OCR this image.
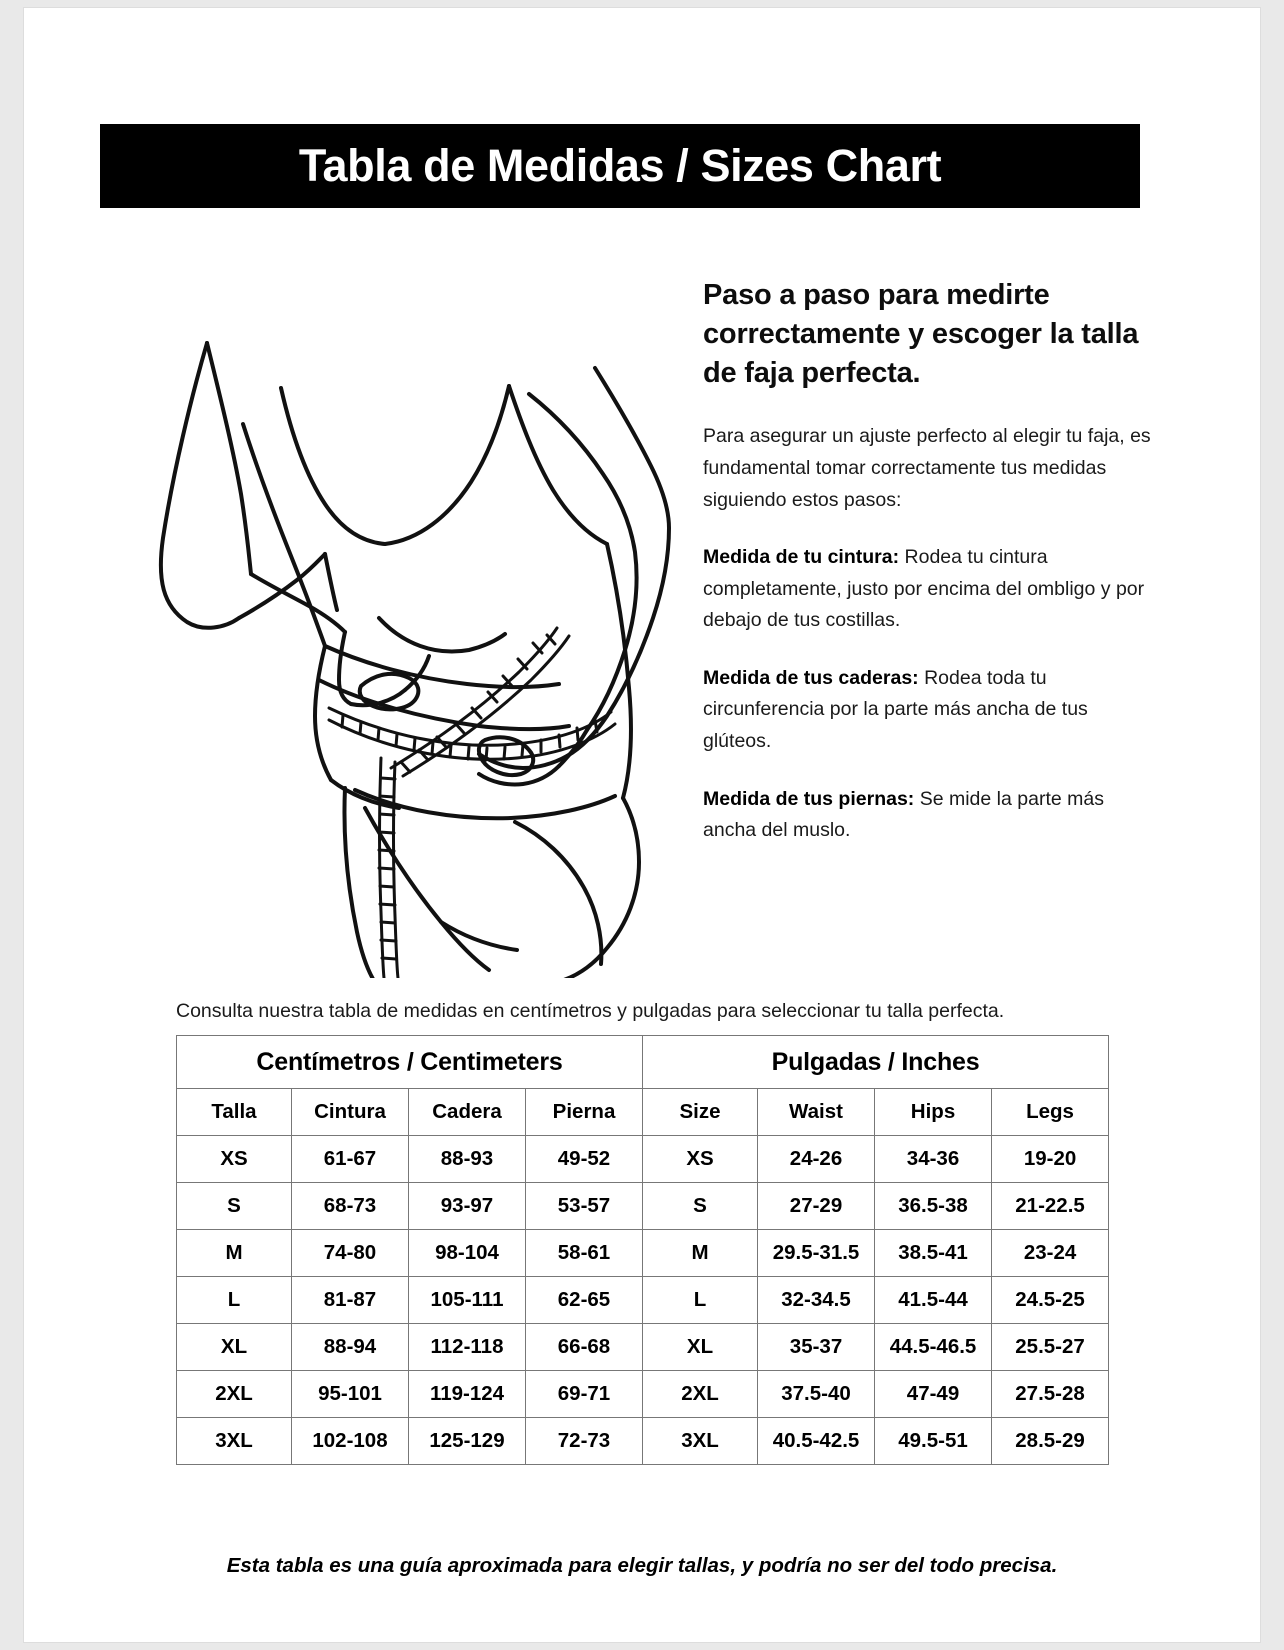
Tabla de Medidas / Sizes Chart
Paso a paso para medirte correctamente y escoger la talla de faja perfecta.

Para asegurar un ajuste perfecto al elegir tu faja, es fundamental tomar correctamente tus medidas siguiendo estos pasos:

Medida de tu cintura: Rodea tu cintura completamente, justo por encima del ombligo y por debajo de tus costillas.

Medida de tus caderas: Rodea toda tu circunferencia por la parte más ancha de tus glúteos.

Medida de tus piernas: Se mide la parte más ancha del muslo.

Consulta nuestra tabla de medidas en centímetros y pulgadas para seleccionar tu talla perfecta.
Centímetros / Centimeters				Pulgadas / Inches			
Talla	Cintura	Cadera	Pierna	Size	Waist	Hips	Legs
XS	61-67	88-93	49-52	XS	24-26	34-36	19-20
S	68-73	93-97	53-57	S	27-29	36.5-38	21-22.5
M	74-80	98-104	58-61	M	29.5-31.5	38.5-41	23-24
L	81-87	105-111	62-65	L	32-34.5	41.5-44	24.5-25
XL	88-94	112-118	66-68	XL	35-37	44.5-46.5	25.5-27
2XL	95-101	119-124	69-71	2XL	37.5-40	47-49	27.5-28
3XL	102-108	125-129	72-73	3XL	40.5-42.5	49.5-51	28.5-29
Esta tabla es una guía aproximada para elegir tallas, y podría no ser del todo precisa.
